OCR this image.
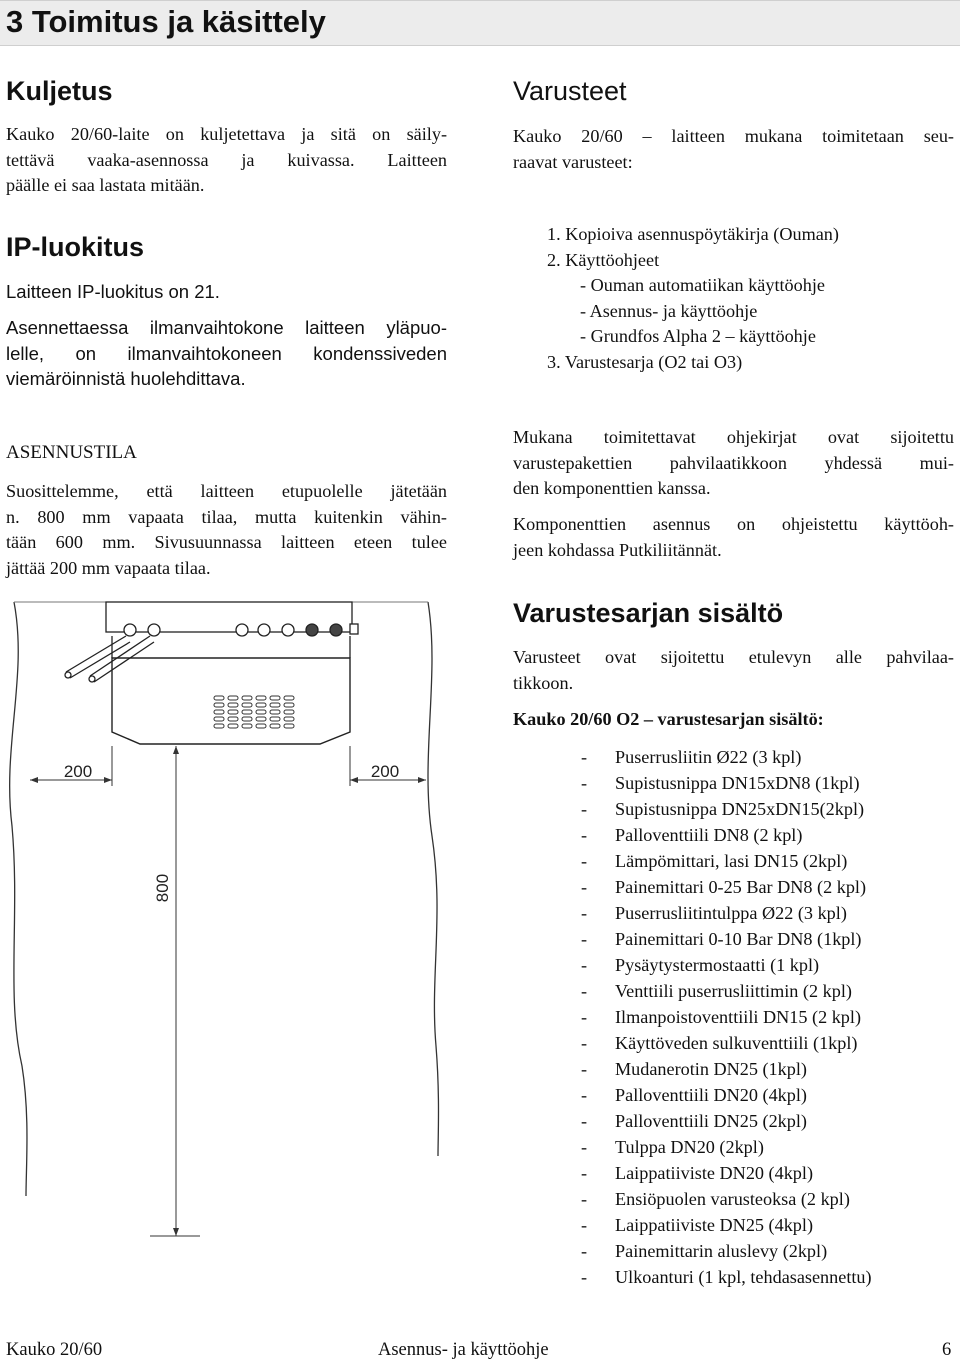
3 Toimitus ja käsittely
Kuljetus
Kauko 20/60-laite on kuljetettava ja sitä on säily-
tettävä vaaka-asennossa ja kuivassa. Laitteen
päälle ei saa lastata mitään.
IP-luokitus
Laitteen IP-luokitus on 21.
Asennettaessa ilmanvaihtokone laitteen yläpuo-
lelle, on ilmanvaihtokoneen kondenssiveden
viemäröinnistä huolehdittava.
ASENNUSTILA
Suosittelemme, että laitteen etupuolelle jätetään
n. 800 mm vapaata tilaa, mutta kuitenkin vähin-
tään 600 mm. Sivusuunnassa laitteen eteen tulee
jättää 200 mm vapaata tilaa.
200	200
800
Varusteet
Kauko 20/60 – laitteen mukana toimitetaan seu-
raavat varusteet:
1. Kopioiva asennuspöytäkirja (Ouman)
2. Käyttöohjeet
- Ouman automatiikan käyttöohje
- Asennus- ja käyttöohje
- Grundfos Alpha 2 – käyttöohje
3. Varustesarja (O2 tai O3)
Mukana toimitettavat ohjekirjat ovat sijoitettu
varustepakettien pahvilaatikkoon yhdessä mui-
den komponenttien kanssa.
Komponenttien asennus on ohjeistettu käyttöoh-
jeen kohdassa Putkiliitännät.
Varustesarjan sisältö
Varusteet ovat sijoitettu etulevyn alle pahvilaa-
tikkoon.
Kauko 20/60 O2 – varustesarjan sisältö:
- Puserrusliitin Ø22 (3 kpl)
- Supistusnippa DN15xDN8 (1kpl)
- Supistusnippa DN25xDN15(2kpl)
- Palloventtiili DN8 (2 kpl)
- Lämpömittari, lasi DN15 (2kpl)
- Painemittari 0-25 Bar DN8 (2 kpl)
- Puserrusliitintulppa Ø22 (3 kpl)
- Painemittari 0-10 Bar DN8 (1kpl)
- Pysäytystermostaatti (1 kpl)
- Venttiili puserrusliittimin (2 kpl)
- Ilmanpoistoventtiili DN15 (2 kpl)
- Käyttöveden sulkuventtiili (1kpl)
- Mudanerotin DN25 (1kpl)
- Palloventtiili DN20 (4kpl)
- Palloventtiili DN25 (2kpl)
- Tulppa DN20 (2kpl)
- Laippatiiviste DN20 (4kpl)
- Ensiöpuolen varusteoksa (2 kpl)
- Laippatiiviste DN25 (4kpl)
- Painemittarin aluslevy (2kpl)
- Ulkoanturi (1 kpl, tehdasasennettu)
Kauko 20/60	Asennus- ja käyttöohje	6
